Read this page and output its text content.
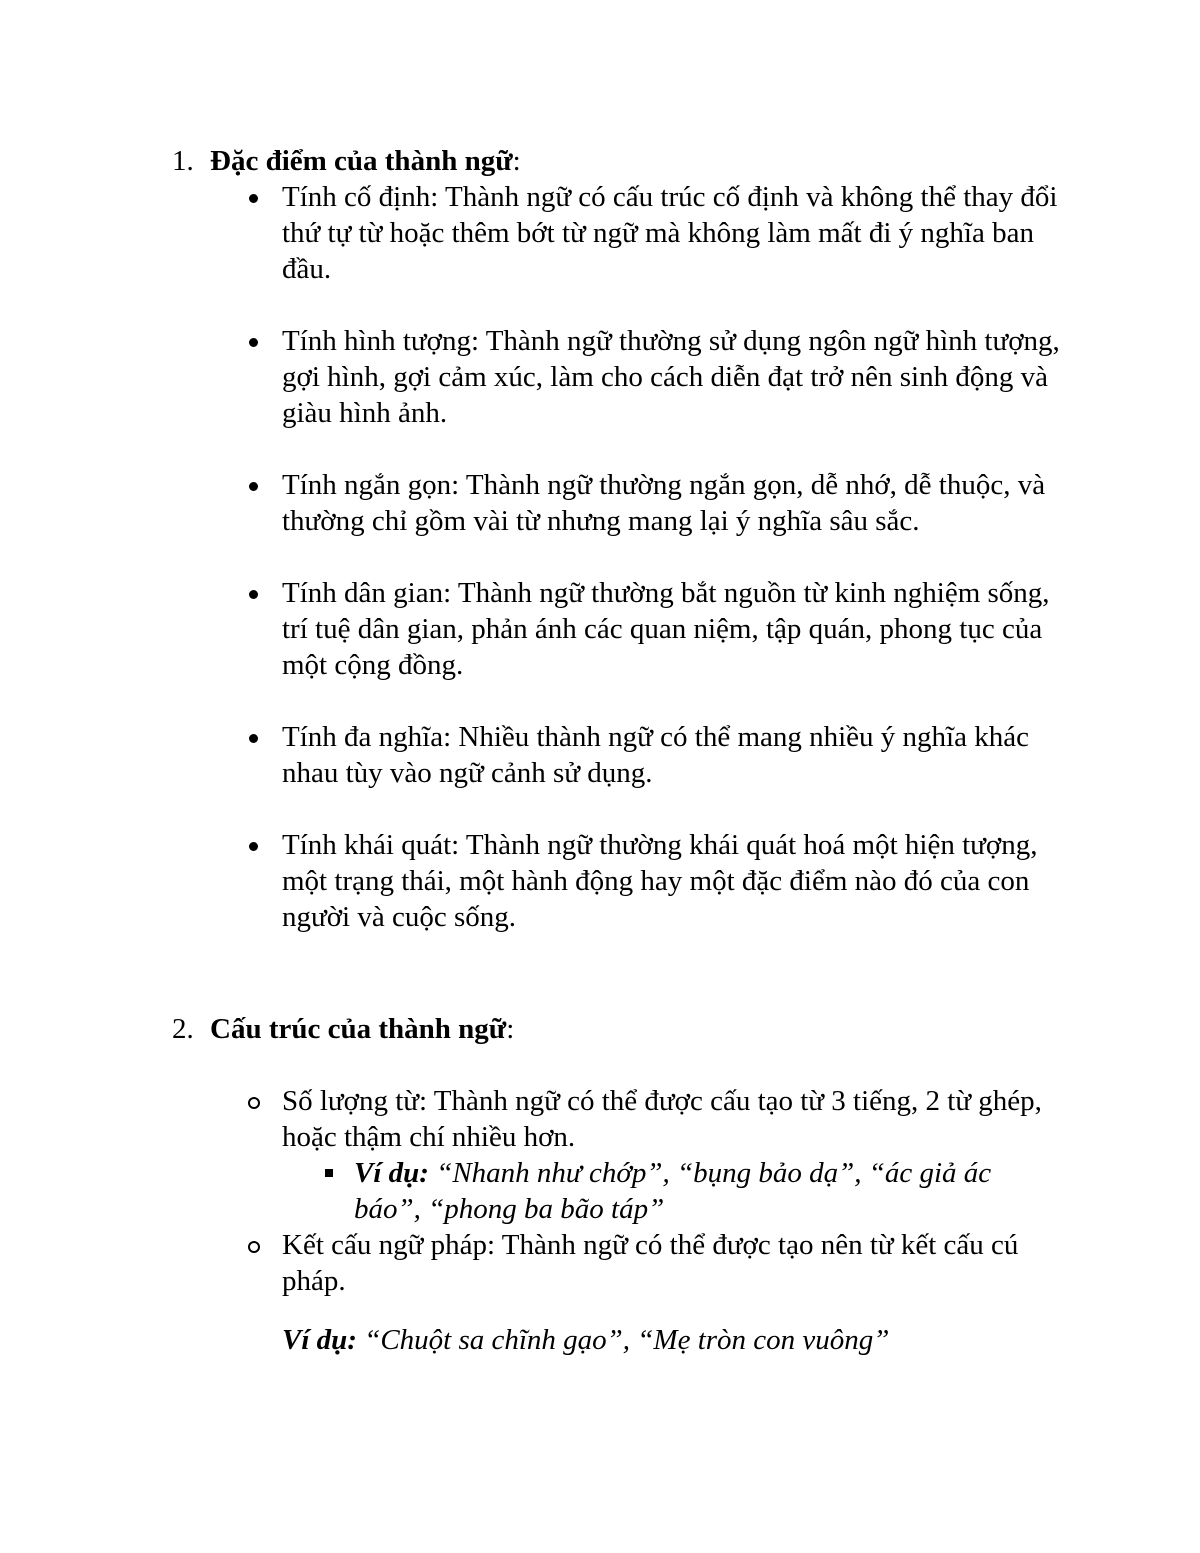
1. Đặc điểm của thành ngữ:
Tính cố định: Thành ngữ có cấu trúc cố định và không thể thay đổi thứ tự từ hoặc thêm bớt từ ngữ mà không làm mất đi ý nghĩa ban đầu.
Tính hình tượng: Thành ngữ thường sử dụng ngôn ngữ hình tượng, gợi hình, gợi cảm xúc, làm cho cách diễn đạt trở nên sinh động và giàu hình ảnh.
Tính ngắn gọn: Thành ngữ thường ngắn gọn, dễ nhớ, dễ thuộc, và thường chỉ gồm vài từ nhưng mang lại ý nghĩa sâu sắc.
Tính dân gian: Thành ngữ thường bắt nguồn từ kinh nghiệm sống, trí tuệ dân gian, phản ánh các quan niệm, tập quán, phong tục của một cộng đồng.
Tính đa nghĩa: Nhiều thành ngữ có thể mang nhiều ý nghĩa khác nhau tùy vào ngữ cảnh sử dụng.
Tính khái quát: Thành ngữ thường khái quát hoá một hiện tượng, một trạng thái, một hành động hay một đặc điểm nào đó của con người và cuộc sống.
2. Cấu trúc của thành ngữ:
Số lượng từ: Thành ngữ có thể được cấu tạo từ 3 tiếng, 2 từ ghép, hoặc thậm chí nhiều hơn.
Ví dụ: “Nhanh như chớp”, “bụng bảo dạ”, “ác giả ác báo”, “phong ba bão táp”
Kết cấu ngữ pháp: Thành ngữ có thể được tạo nên từ kết cấu cú pháp.
Ví dụ: “Chuột sa chĩnh gạo”, “Mẹ tròn con vuông”
